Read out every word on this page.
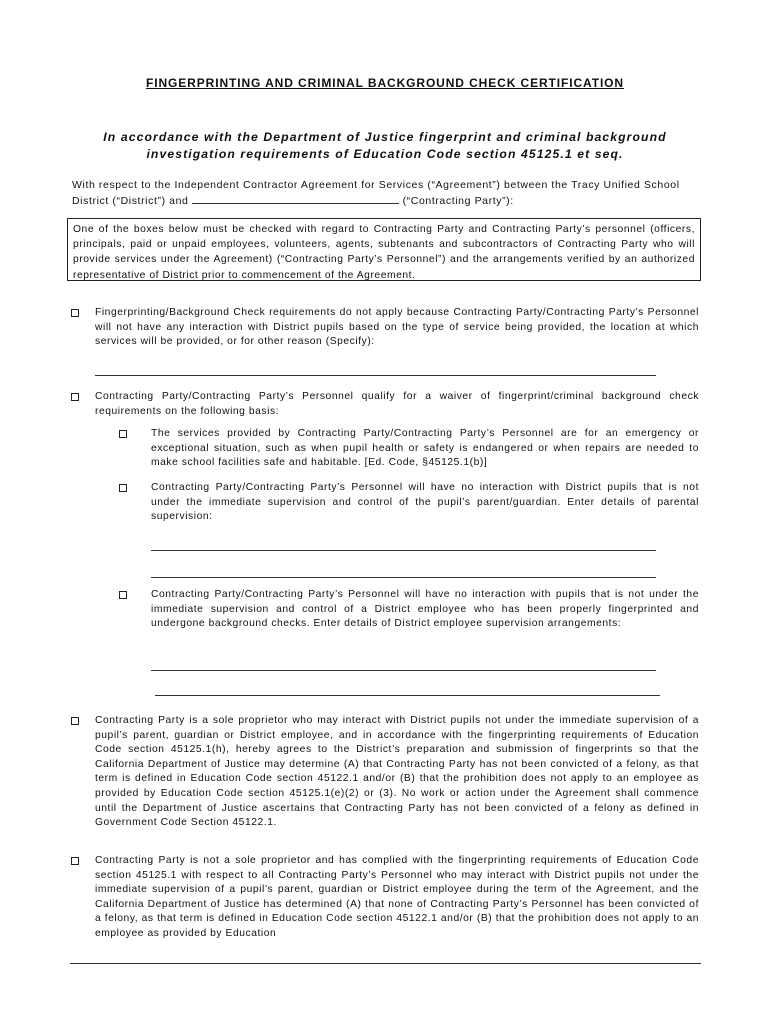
FINGERPRINTING AND CRIMINAL BACKGROUND CHECK CERTIFICATION
In accordance with the Department of Justice fingerprint and criminal background
investigation requirements of Education Code section 45125.1 et seq.
With respect to the Independent Contractor Agreement for Services (“Agreement”) between the Tracy Unified School District (“District”) and	(“Contracting Party”):
One of the boxes below must be checked with regard to Contracting Party and Contracting Party’s personnel (officers, principals, paid or unpaid employees, volunteers, agents, subtenants and subcontractors of Contracting Party who will provide services under the Agreement) (“Contracting Party’s Personnel”) and the arrangements verified by an authorized representative of District prior to commencement of the Agreement.
Fingerprinting/Background Check requirements do not apply because Contracting Party/Contracting Party’s Personnel will not have any interaction with District pupils based on the type of service being provided, the location at which services will be provided, or for other reason (Specify):
Contracting Party/Contracting Party’s Personnel qualify for a waiver of fingerprint/criminal background check requirements on the following basis:
The services provided by Contracting Party/Contracting Party’s Personnel are for an emergency or exceptional situation, such as when pupil health or safety is endangered or when repairs are needed to make school facilities safe and habitable. [Ed. Code, §45125.1(b)]
Contracting Party/Contracting Party’s Personnel will have no interaction with District pupils that is not under the immediate supervision and control of the pupil’s parent/guardian. Enter details of parental supervision:
Contracting Party/Contracting Party’s Personnel will have no interaction with pupils that is not under the immediate supervision and control of a District employee who has been properly fingerprinted and undergone background checks. Enter details of District employee supervision arrangements:
Contracting Party is a sole proprietor who may interact with District pupils not under the immediate supervision of a pupil’s parent, guardian or District employee, and in accordance with the fingerprinting requirements of Education Code section 45125.1(h), hereby agrees to the District’s preparation and submission of fingerprints so that the California Department of Justice may determine (A) that Contracting Party has not been convicted of a felony, as that term is defined in Education Code section 45122.1 and/or (B) that the prohibition does not apply to an employee as provided by Education Code section 45125.1(e)(2) or (3). No work or action under the Agreement shall commence until the Department of Justice ascertains that Contracting Party has not been convicted of a felony as defined in Government Code Section 45122.1.
Contracting Party is not a sole proprietor and has complied with the fingerprinting requirements of Education Code section 45125.1 with respect to all Contracting Party’s Personnel who may interact with District pupils not under the immediate supervision of a pupil’s parent, guardian or District employee during the term of the Agreement, and the California Department of Justice has determined (A) that none of Contracting Party’s Personnel has been convicted of a felony, as that term is defined in Education Code section 45122.1 and/or (B) that the prohibition does not apply to an employee as provided by Education
